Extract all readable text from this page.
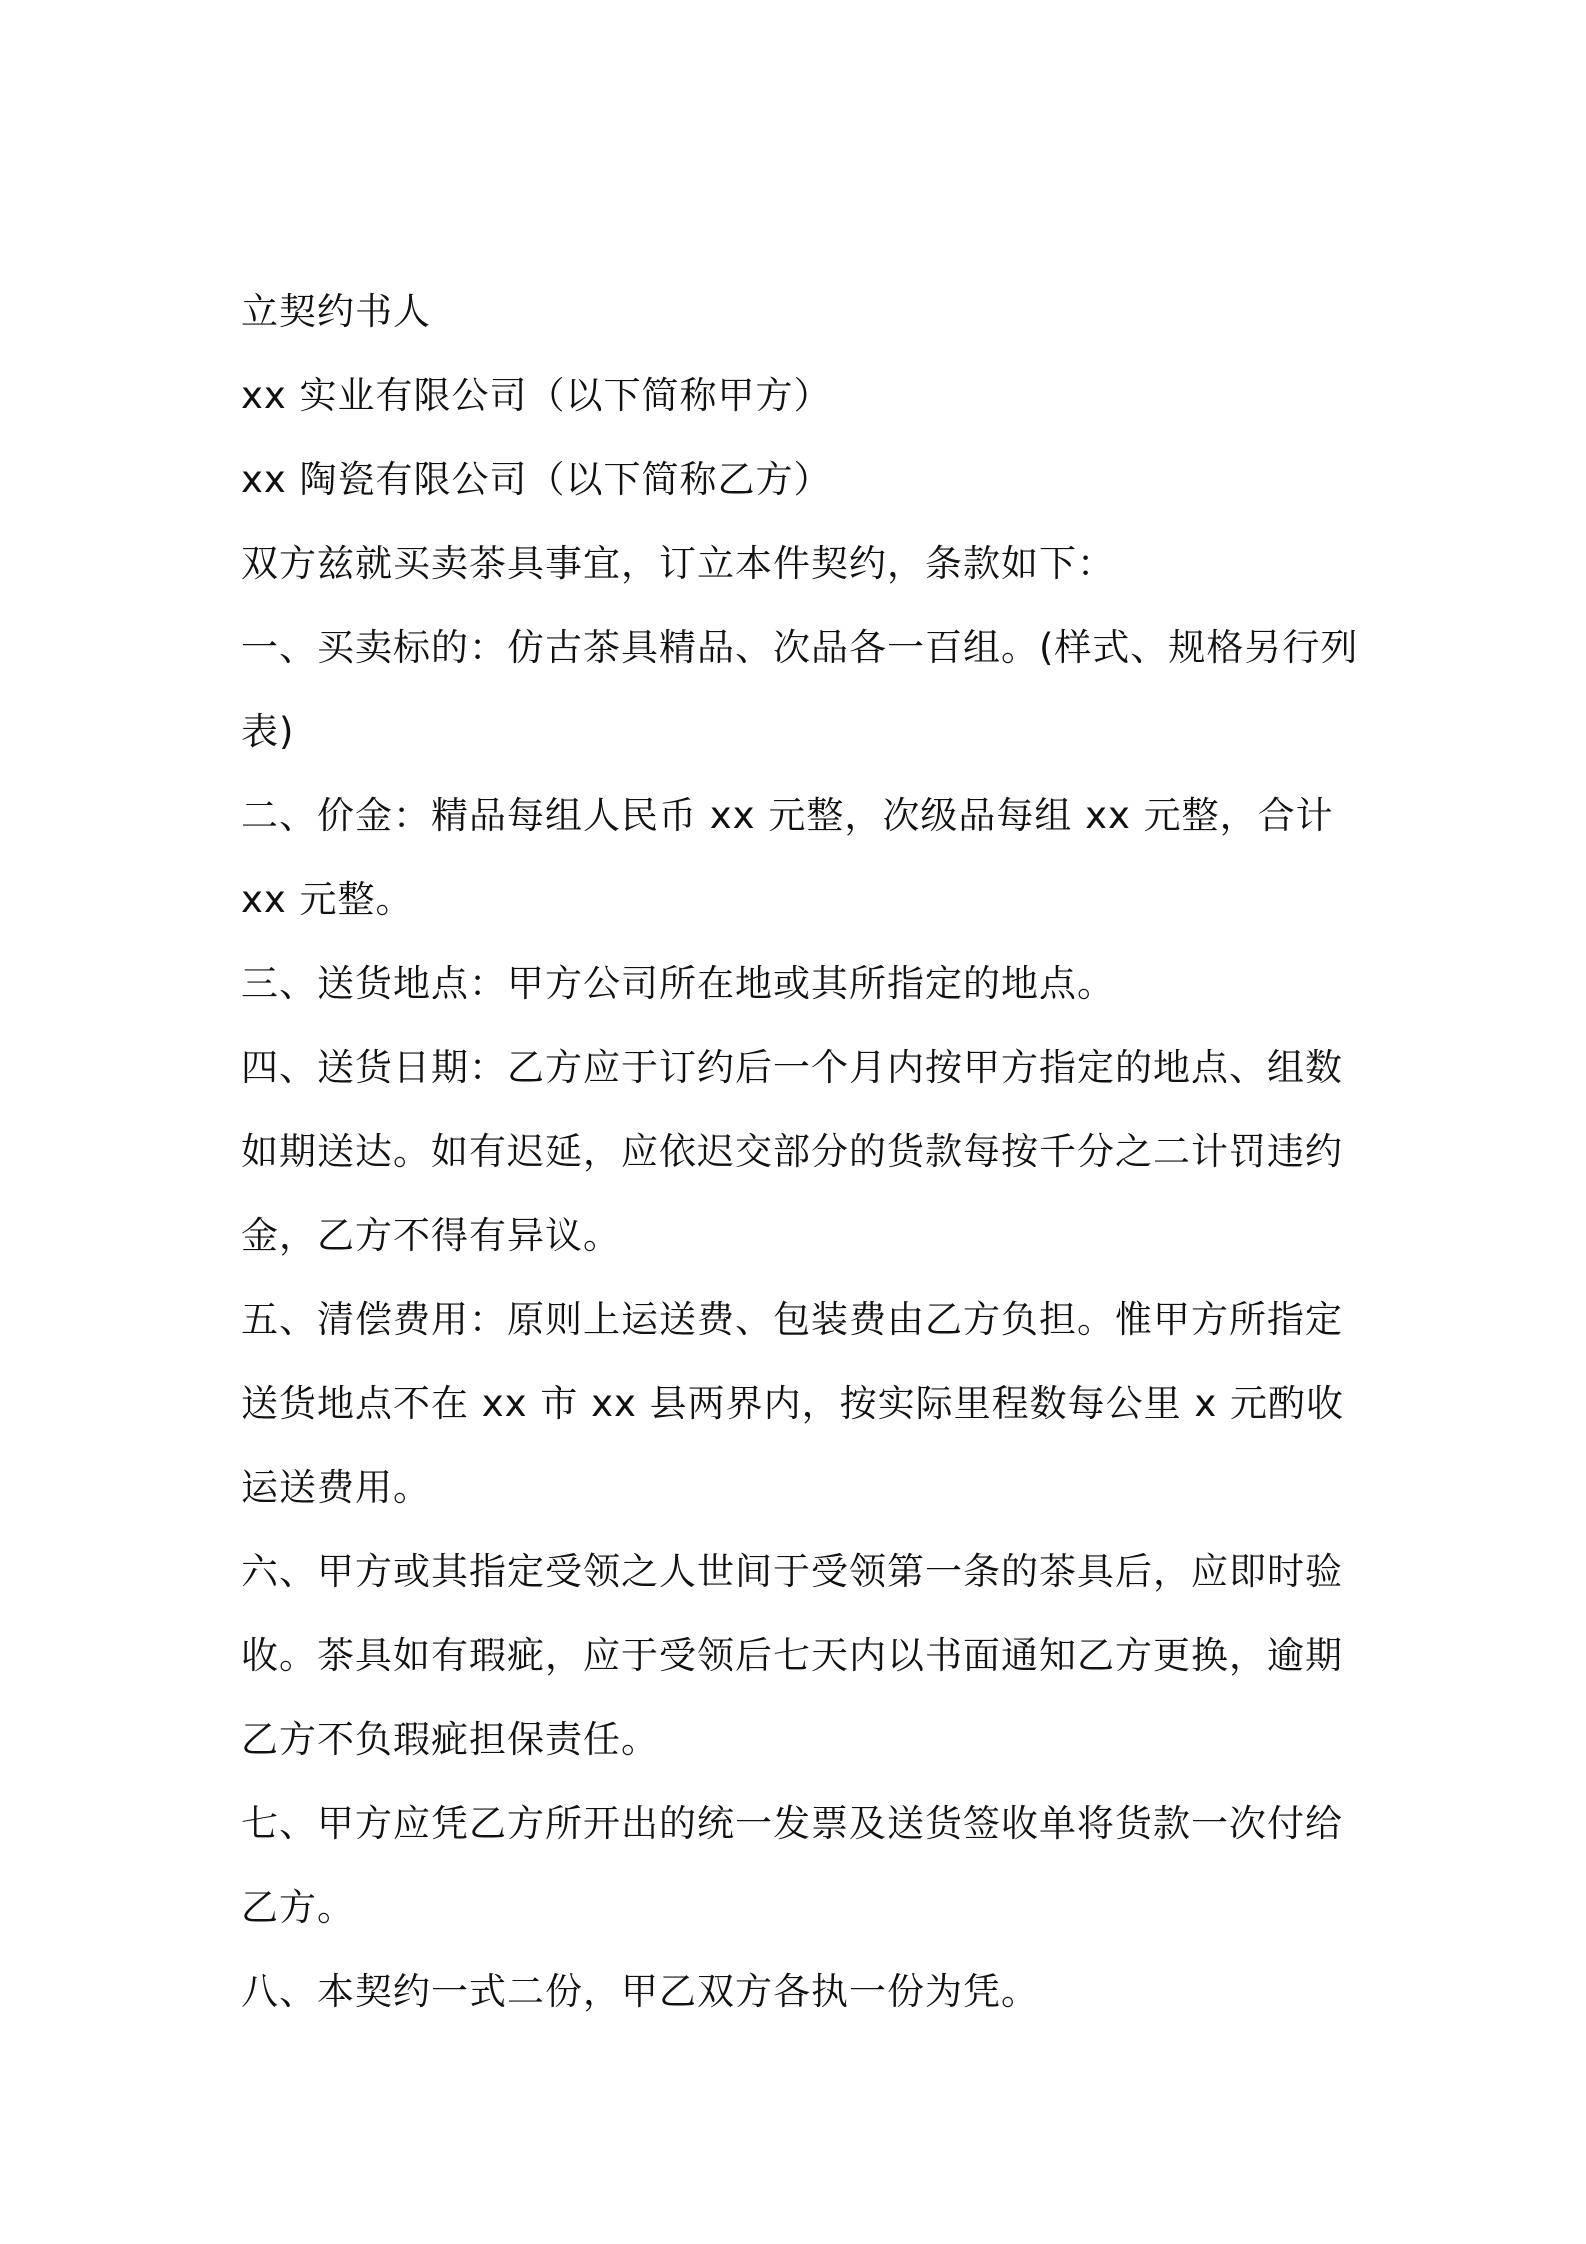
立契约书人

xx 实业有限公司（以下简称甲方）

xx 陶瓷有限公司（以下简称乙方）

双方兹就买卖茶具事宜，订立本件契约，条款如下：

一、买卖标的：仿古茶具精品、次品各一百组。(样式、规格另行列表)

二、价金：精品每组人民币 xx 元整，次级品每组 xx 元整，合计 xx 元整。

三、送货地点：甲方公司所在地或其所指定的地点。

四、送货日期：乙方应于订约后一个月内按甲方指定的地点、组数如期送达。如有迟延，应依迟交部分的货款每按千分之二计罚违约金，乙方不得有异议。

五、清偿费用：原则上运送费、包装费由乙方负担。惟甲方所指定送货地点不在 xx 市 xx 县两界内，按实际里程数每公里 x 元酌收运送费用。

六、甲方或其指定受领之人世间于受领第一条的茶具后，应即时验收。茶具如有瑕疵，应于受领后七天内以书面通知乙方更换，逾期乙方不负瑕疵担保责任。

七、甲方应凭乙方所开出的统一发票及送货签收单将货款一次付给乙方。

八、本契约一式二份，甲乙双方各执一份为凭。
